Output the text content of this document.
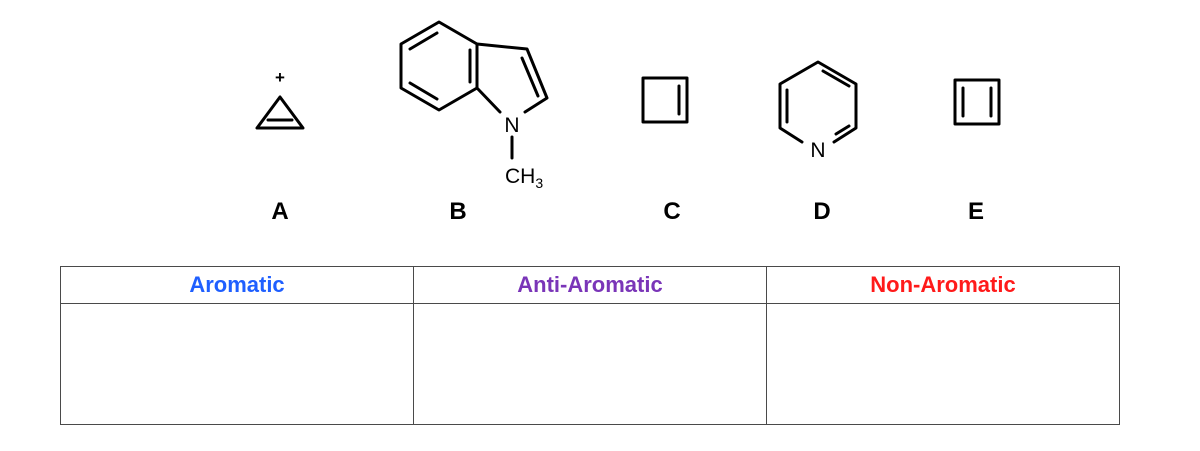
+
N
$CH_3$
N
A	B	C	D	E
Aromatic	Anti-Aromatic	Non-Aromatic
